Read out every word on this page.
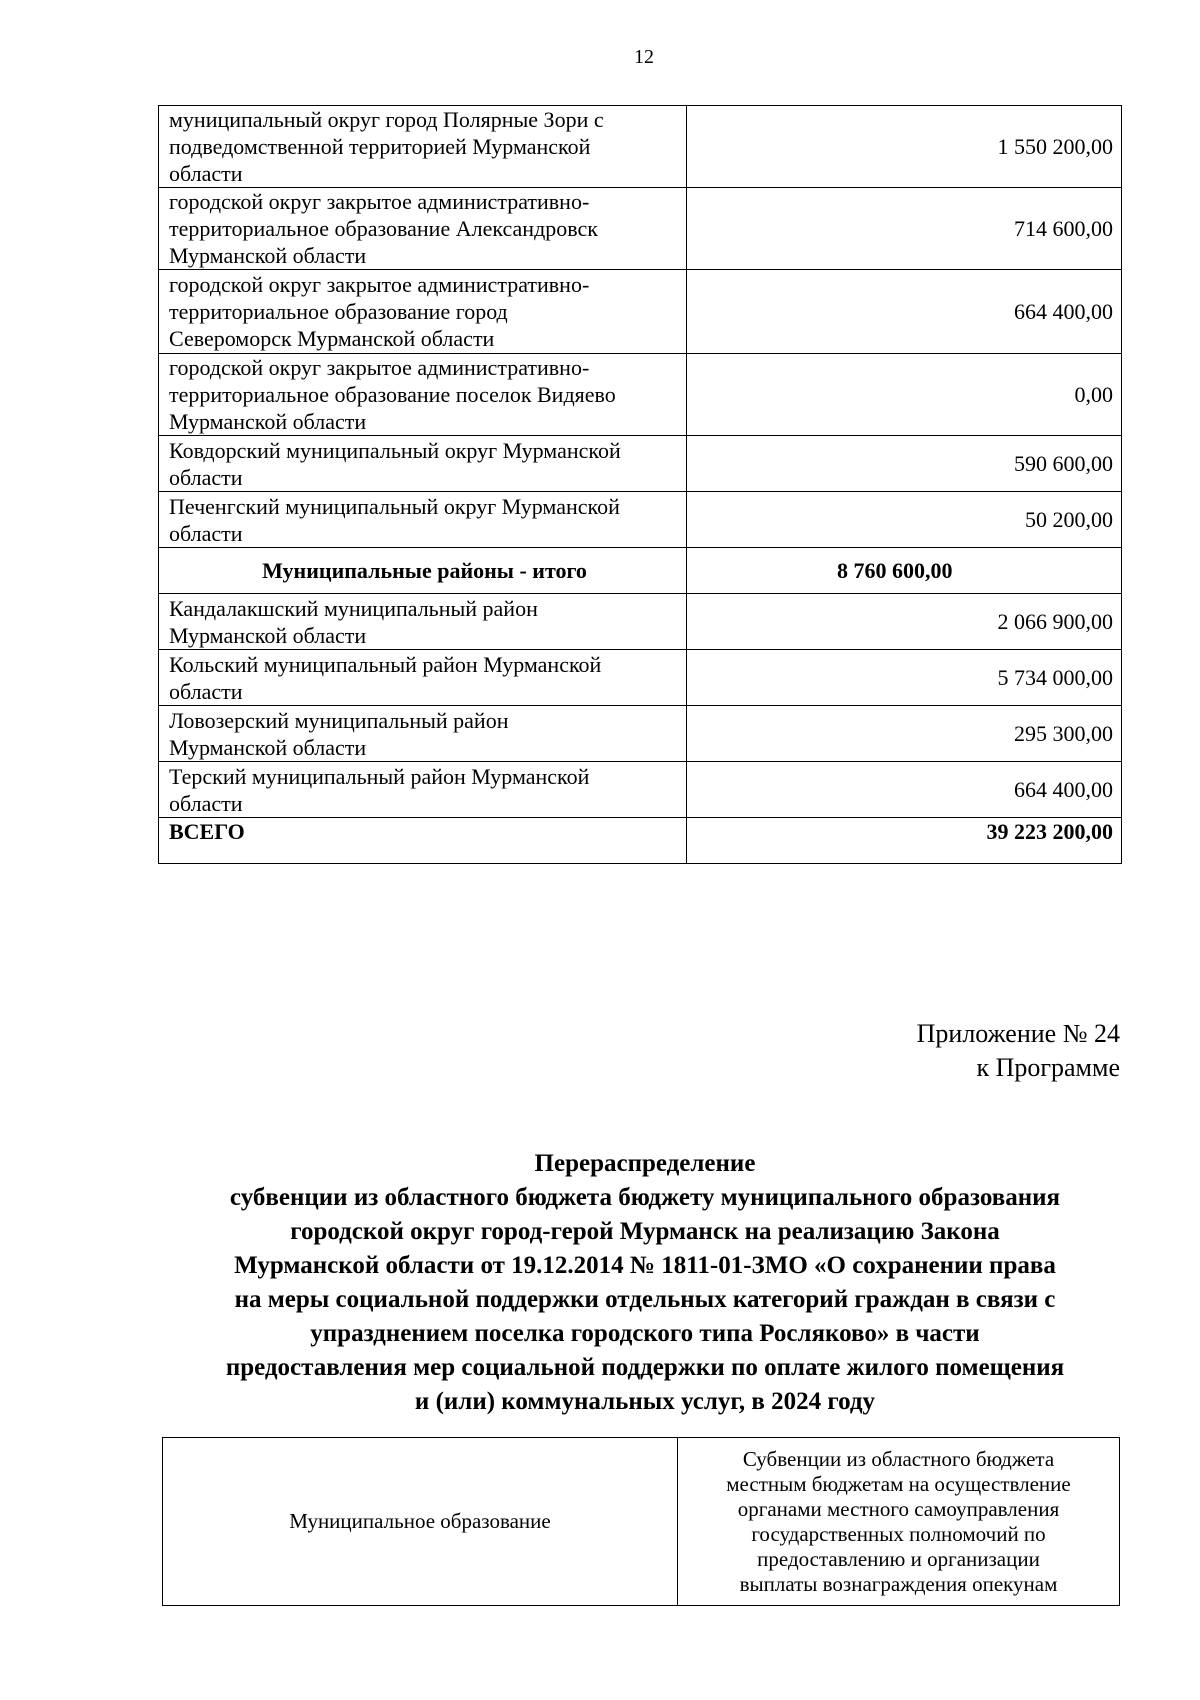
12
муниципальный округ город Полярные Зори с
подведомственной территорией Мурманской
области	1 550 200,00
городской округ закрытое административно-
территориальное образование Александровск
Мурманской области	714 600,00
городской округ закрытое административно-
территориальное образование город
Североморск Мурманской области	664 400,00
городской округ закрытое административно-
территориальное образование поселок Видяево
Мурманской области	0,00
Ковдорский муниципальный округ Мурманской
области	590 600,00
Печенгский муниципальный округ Мурманской
области	50 200,00
Муниципальные районы - итого	8 760 600,00
Кандалакшский муниципальный район
Мурманской области	2 066 900,00
Кольский муниципальный район Мурманской
области	5 734 000,00
Ловозерский муниципальный район
Мурманской области	295 300,00
Терский муниципальный район Мурманской
области	664 400,00
ВСЕГО	39 223 200,00
Приложение № 24
к Программе
Перераспределение
субвенции из областного бюджета бюджету муниципального образования
городской округ город-герой Мурманск на реализацию Закона
Мурманской области от 19.12.2014 № 1811-01-ЗМО «О сохранении права
на меры социальной поддержки отдельных категорий граждан в связи с
упразднением поселка городского типа Росляково» в части
предоставления мер социальной поддержки по оплате жилого помещения
и (или) коммунальных услуг, в 2024 году
Муниципальное образование	
Субвенции из областного бюджета
местным бюджетам на осуществление
органами местного самоуправления
государственных полномочий по
предоставлению и организации
выплаты вознаграждения опекунам
